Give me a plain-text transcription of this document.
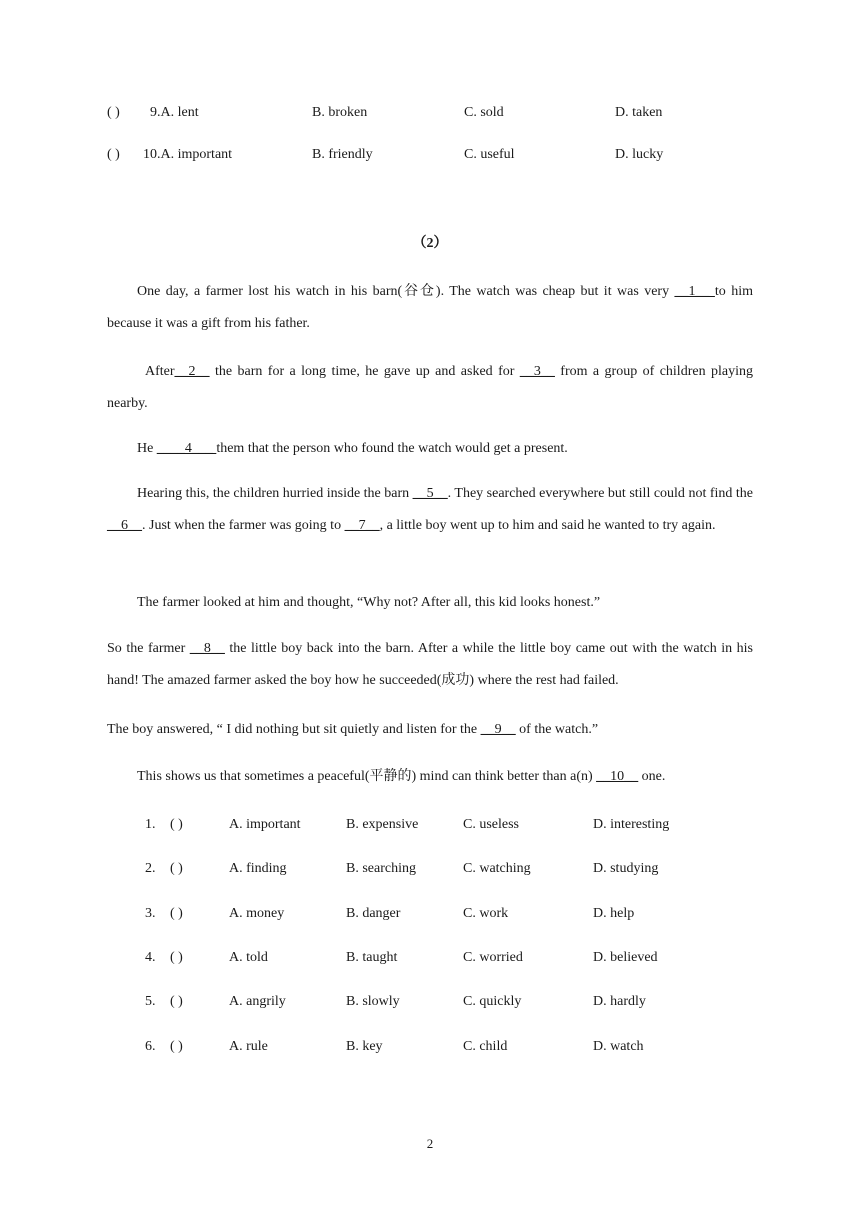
( ) 9.A. lent	B. broken	C. sold	D. taken
( ) 10.A. important	B. friendly	C. useful	D. lucky
（2）
One day, a farmer lost his watch in his barn(谷仓). The watch was cheap but it was very __1__ to him because it was a gift from his father.
After__2__ the barn for a long time, he gave up and asked for __3__ from a group of children playing nearby.
He ____4___ them that the person who found the watch would get a present.
Hearing this, the children hurried inside the barn __5__. They searched everywhere but still could not find the __6__. Just when the farmer was going to __7__, a little boy went up to him and said he wanted to try again.
The farmer looked at him and thought, “Why not? After all, this kid looks honest.”
So the farmer __8__ the little boy back into the barn. After a while the little boy came out with the watch in his hand! The amazed farmer asked the boy how he succeeded(成功) where the rest had failed.
The boy answered, “ I did nothing but sit quietly and listen for the __9__ of the watch.”
This shows us that sometimes a peaceful(平静的) mind can think better than a(n) __10__ one.
1. ( )	A. important	B. expensive	C. useless	D. interesting
2. ( )	A. finding	B. searching	C. watching	D. studying
3. ( )	A. money	B. danger	C. work	D. help
4. ( )	A. told	B. taught	C. worried	D. believed
5. ( )	A. angrily	B. slowly	C. quickly	D. hardly
6. ( )	A. rule	B. key	C. child	D. watch
2
